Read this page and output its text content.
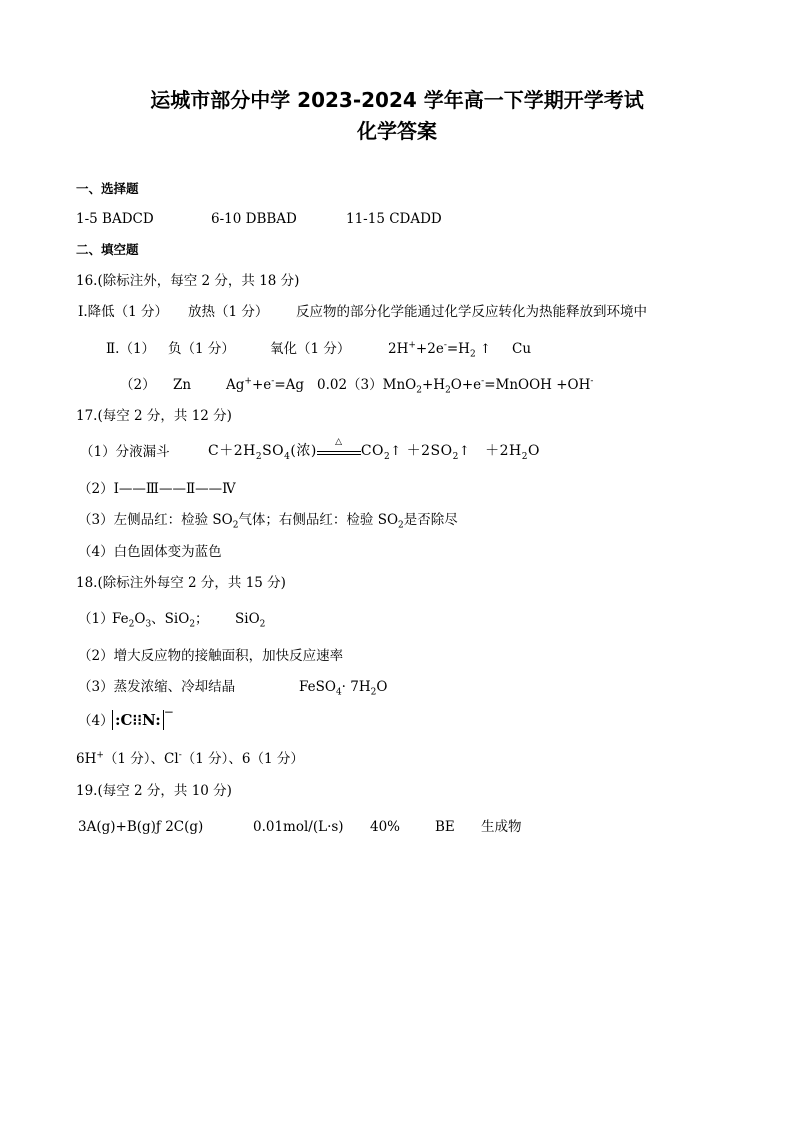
运城市部分中学 2023-2024 学年高一下学期开学考试
化学答案
一、选择题
1-5 BADCD	6-10 DBBAD	11-15 CDADD
二、填空题
16.(除标注外，每空 2 分，共 18 分)
Ⅰ.降低（1 分） 放热（1 分） 反应物的部分化学能通过化学反应转化为热能释放到环境中
Ⅱ.（1） 负（1 分）	氧化（1 分）	$2H^++2e^-=H_2$ ↑ Cu
（2） Zn	Ag++e-=Ag $0.02(3)MnO_2+H_2O+e^-=MnOOH +OH^-$
17.(每空 2 分，共 12 分)
（1）分液漏斗	$C+2H_2SO_4$(浓)
△
$CO_2↑$ $+2SO_2↑ +2H_2O$
（2）Ⅰ——Ⅲ——Ⅱ——Ⅳ
（3）左侧品红：检验 $SO_2$气体；右侧品红：检验 $SO_2$是否除尽
（4）白色固体变为蓝色
18.(除标注外每空 2 分，共 15 分)
（1）
$Fe_2O_3$、SiO$_2$； SiO$_2$
（2）增大反应物的接触面积，加快反应速率
（3）蒸发浓缩、冷却结晶	FeSO$_4$· $7H_2O$
（4） :C⁝⁝N: −
6H+（1 分）、Cl-（1 分）、6（1 分）
19.(每空 2 分，共 10 分)
3A(g)+B(g)ƒ 2C(g)	0.01mol/(L·s) 40%	BE 生成物
